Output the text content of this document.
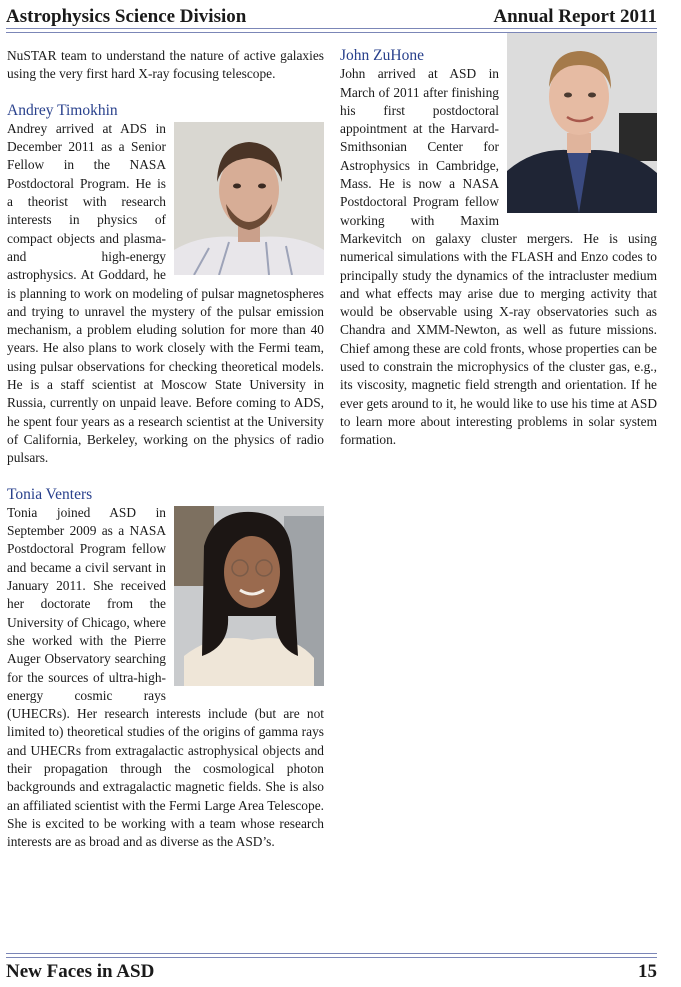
Astrophysics Science Division	Annual Report 2011

NuSTAR team to understand the nature of active galaxies using the very first hard X-ray focusing telescope.

Andrey Timokhin

Andrey arrived at ADS in December 2011 as a Senior Fellow in the NASA Postdoctoral Program. He is a theorist with research interests in physics of compact objects and plasma- and high-energy astrophysics. At Goddard, he is planning to work on modeling of pulsar magnetospheres and trying to unravel the mystery of the pulsar emission mechanism, a problem eluding solution for more than 40 years. He also plans to work closely with the Fermi team, using pulsar observations for checking theoretical models. He is a staff scientist at Moscow State University in Russia, currently on unpaid leave. Before coming to ADS, he spent four years as a research scientist at the University of California, Berkeley, working on the physics of radio pulsars.

Tonia Venters

Tonia joined ASD in September 2009 as a NASA Postdoctoral Program fellow and became a civil servant in January 2011. She received her doctorate from the University of Chicago, where she worked with the Pierre Auger Observatory searching for the sources of ultra-high-energy cosmic rays (UHECRs). Her research interests include (but are not limited to) theoretical studies of the origins of gamma rays and UHECRs from extragalactic astrophysical objects and their propagation through the cosmological photon backgrounds and extragalactic magnetic fields. She is also an affiliated scientist with the Fermi Large Area Telescope. She is excited to be working with a team whose research interests are as broad and as diverse as the ASD’s.

John ZuHone

John arrived at ASD in March of 2011 after finishing his first postdoctoral appointment at the Harvard-Smithsonian Center for Astrophysics in Cambridge, Mass. He is now a NASA Postdoctoral Program fellow working with Maxim Markevitch on galaxy cluster mergers. He is using numerical simulations with the FLASH and Enzo codes to principally study the dynamics of the intracluster medium and what effects may arise due to merging activity that would be observable using X-ray observatories such as Chandra and XMM-Newton, as well as future missions. Chief among these are cold fronts, whose properties can be used to constrain the microphysics of the cluster gas, e.g., its viscosity, magnetic field strength and orientation. If he ever gets around to it, he would like to use his time at ASD to learn more about interesting problems in solar system formation.

New Faces in ASD	15
